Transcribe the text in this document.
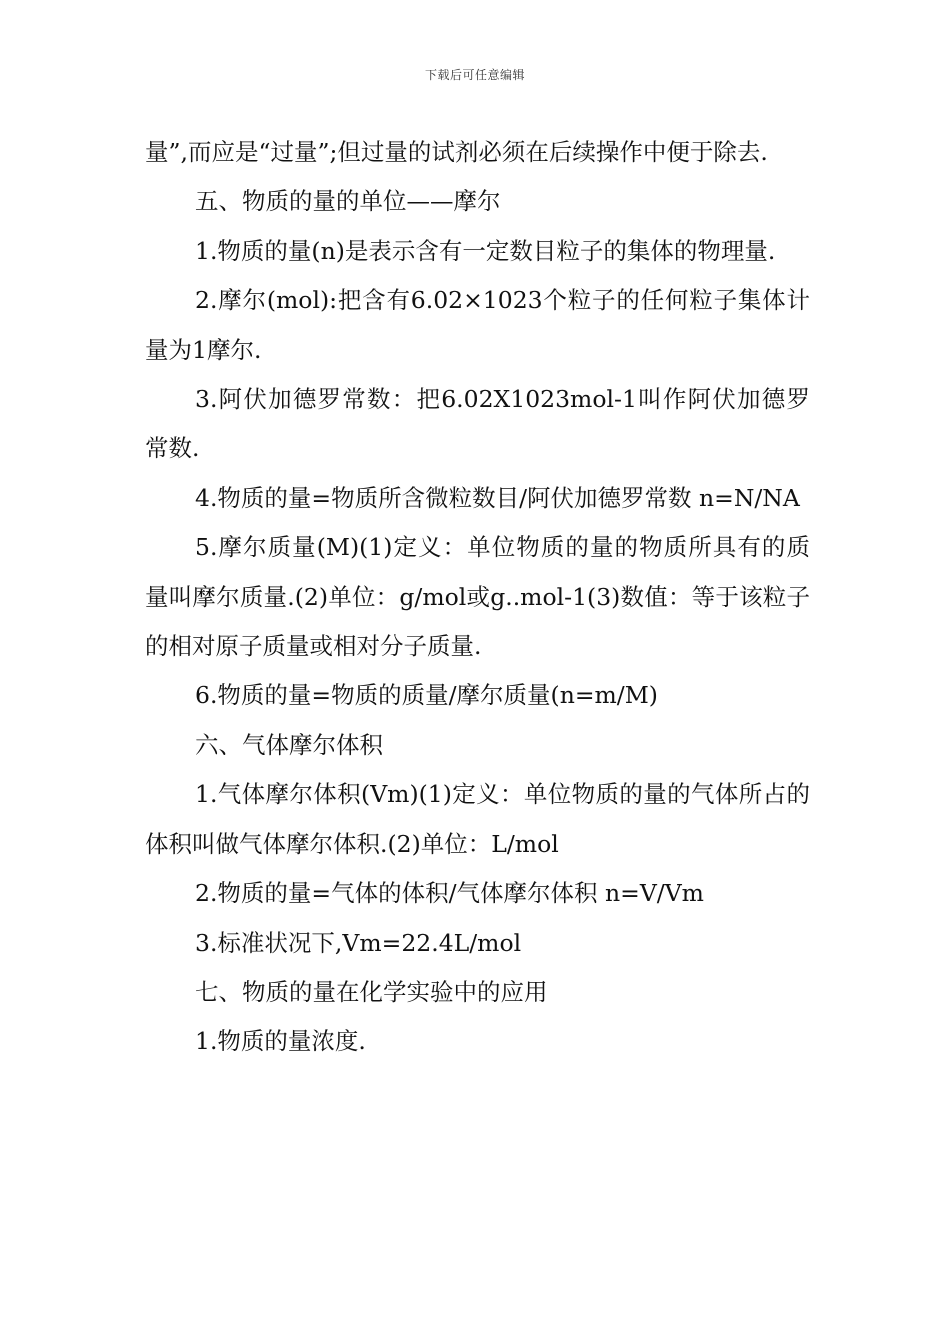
下载后可任意编辑

量”,而应是“过量”;但过量的试剂必须在后续操作中便于除去.

五、物质的量的单位——摩尔

1.物质的量(n)是表示含有一定数目粒子的集体的物理量.

2.摩尔(mol):把含有6.02×1023个粒子的任何粒子集体计量为1摩尔.

3.阿伏加德罗常数：把6.02X1023mol-1叫作阿伏加德罗常数.

4.物质的量=物质所含微粒数目/阿伏加德罗常数 n=N/NA

5.摩尔质量(M)(1)定义：单位物质的量的物质所具有的质量叫摩尔质量.(2)单位：g/mol或g..mol-1(3)数值：等于该粒子的相对原子质量或相对分子质量.

6.物质的量=物质的质量/摩尔质量(n=m/M)

六、气体摩尔体积

1.气体摩尔体积(Vm)(1)定义：单位物质的量的气体所占的体积叫做气体摩尔体积.(2)单位：L/mol

2.物质的量=气体的体积/气体摩尔体积 n=V/Vm

3.标准状况下,Vm=22.4L/mol

七、物质的量在化学实验中的应用

1.物质的量浓度.
